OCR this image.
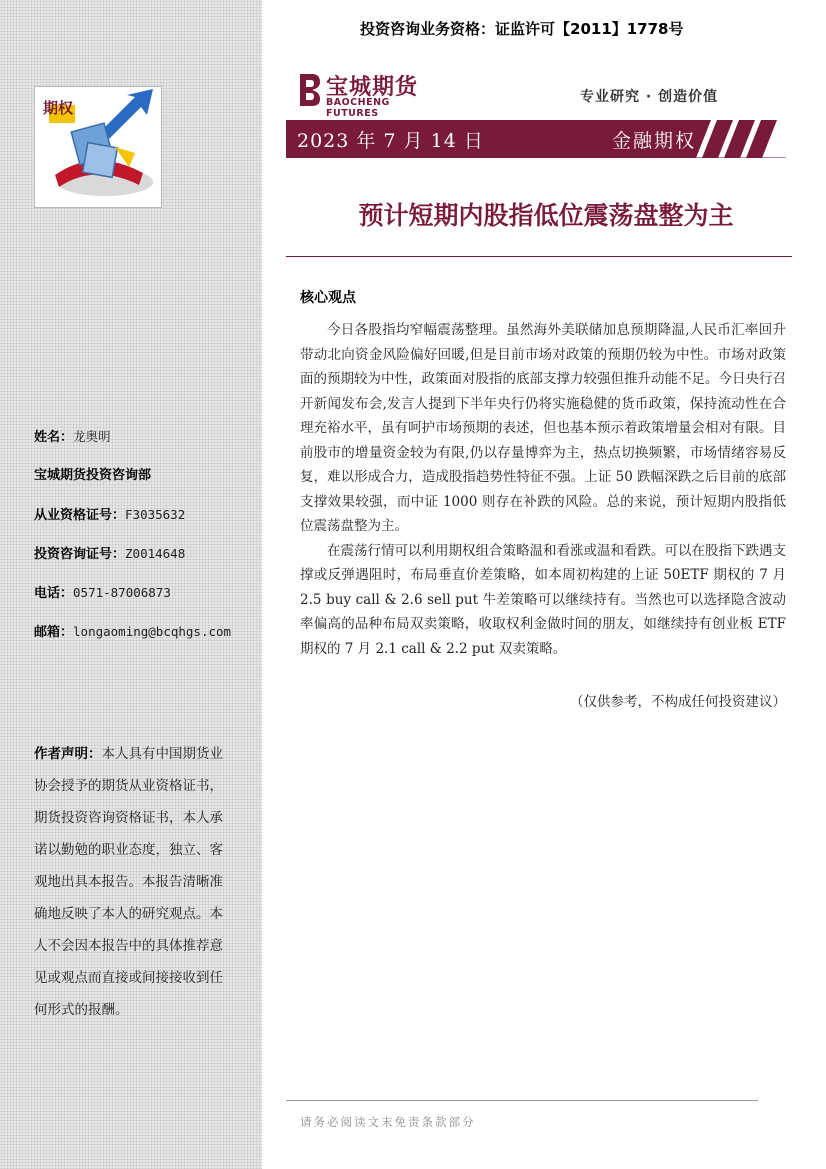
期权
姓名：龙奥明
宝城期货投资咨询部
从业资格证号：F3035632
投资咨询证号：Z0014648
电话：0571-87006873
邮箱：longaoming@bcqhgs.com
作者声明：本人具有中国期货业协会授予的期货从业资格证书，期货投资咨询资格证书，本人承诺以勤勉的职业态度，独立、客观地出具本报告。本报告清晰准确地反映了本人的研究观点。本人不会因本报告中的具体推荐意见或观点而直接或间接接收到任何形式的报酬。
投资咨询业务资格：证监许可【2011】1778号
宝城期货
BAOCHENG FUTURES
专业研究 · 创造价值
2023 年 7 月 14 日	金融期权
预计短期内股指低位震荡盘整为主
核心观点

今日各股指均窄幅震荡整理。虽然海外美联储加息预期降温,人民币汇率回升带动北向资金风险偏好回暖,但是目前市场对政策的预期仍较为中性。市场对政策面的预期较为中性，政策面对股指的底部支撑力较强但推升动能不足。今日央行召开新闻发布会,发言人提到下半年央行仍将实施稳健的货币政策，保持流动性在合理充裕水平，虽有呵护市场预期的表述，但也基本预示着政策增量会相对有限。目前股市的增量资金较为有限,仍以存量博弈为主，热点切换频繁，市场情绪容易反复，难以形成合力，造成股指趋势性特征不强。上证 50 跌幅深跌之后目前的底部支撑效果较强，而中证 1000 则存在补跌的风险。总的来说，预计短期内股指低位震荡盘整为主。

在震荡行情可以利用期权组合策略温和看涨或温和看跌。可以在股指下跌遇支撑或反弹遇阻时，布局垂直价差策略，如本周初构建的上证 50ETF 期权的 7 月 2.5 buy call & 2.6 sell put 牛差策略可以继续持有。当然也可以选择隐含波动率偏高的品种布局双卖策略，收取权利金做时间的朋友，如继续持有创业板 ETF 期权的 7 月 2.1 call & 2.2 put 双卖策略。

（仅供参考，不构成任何投资建议）
请务必阅读文末免责条款部分
